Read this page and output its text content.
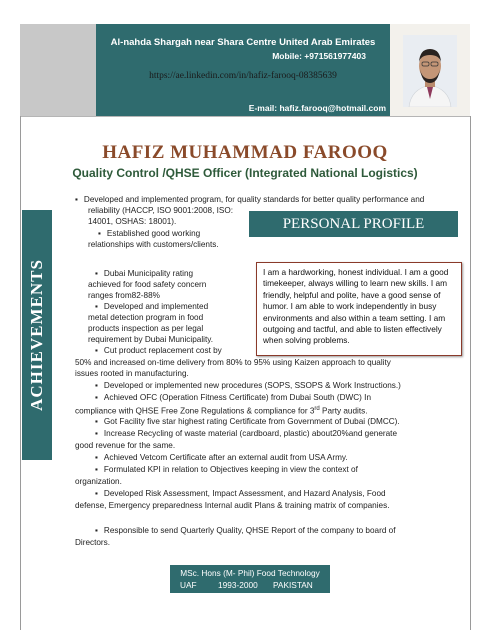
Al-nahda Shargah near Shara Centre United Arab Emirates
Mobile: +971561977403
https://ae.linkedin.com/in/hafiz-farooq-08385639
E-mail: hafiz.farooq@hotmail.com
HAFIZ MUHAMMAD FAROOQ
Quality Control /QHSE Officer (Integrated National Logistics)
ACHIEVEMENTS
PERSONAL PROFILE
I am a hardworking, honest individual. I am a good timekeeper, always willing to learn new skills. I am friendly, helpful and polite, have a good sense of humor. I am able to work independently in busy environments and also within a team setting. I am outgoing and tactful, and able to listen effectively when solving problems.
▪ Developed and implemented program, for quality standards for better quality performance and
reliability (HACCP, ISO 9001:2008, ISO:
14001, OSHAS: 18001).
▪ Established good working
relationships with customers/clients.
▪ Dubai Municipality rating
achieved for food safety concern
ranges from82-88%
▪ Developed and implemented
metal detection program in food
products inspection as per legal
requirement by Dubai Municipality.
▪ Cut product replacement cost by
50% and increased on-time delivery from 80% to 95% using Kaizen approach to quality
issues rooted in manufacturing.
▪ Developed or implemented new procedures (SOPS, SSOPS & Work Instructions.)
▪ Achieved OFC (Operation Fitness Certificate) from Dubai South (DWC) In
compliance with QHSE Free Zone Regulations & compliance for 3rd Party audits.
▪ Got Facility five star highest rating Certificate from Government of Dubai (DMCC).
▪ Increase Recycling of waste material (cardboard, plastic) about20%and generate
good revenue for the same.
▪ Achieved Vetcom Certificate after an external audit from USA Army.
▪ Formulated KPI in relation to Objectives keeping in view the context of
organization.
▪ Developed Risk Assessment, Impact Assessment, and Hazard Analysis, Food
defense, Emergency preparedness Internal audit Plans & training matrix of companies.
▪ Responsible to send Quarterly Quality, QHSE Report of the company to board of
Directors.
MSc. Hons (M- Phil) Food Technology
UAF	1993-2000 PAKISTAN
